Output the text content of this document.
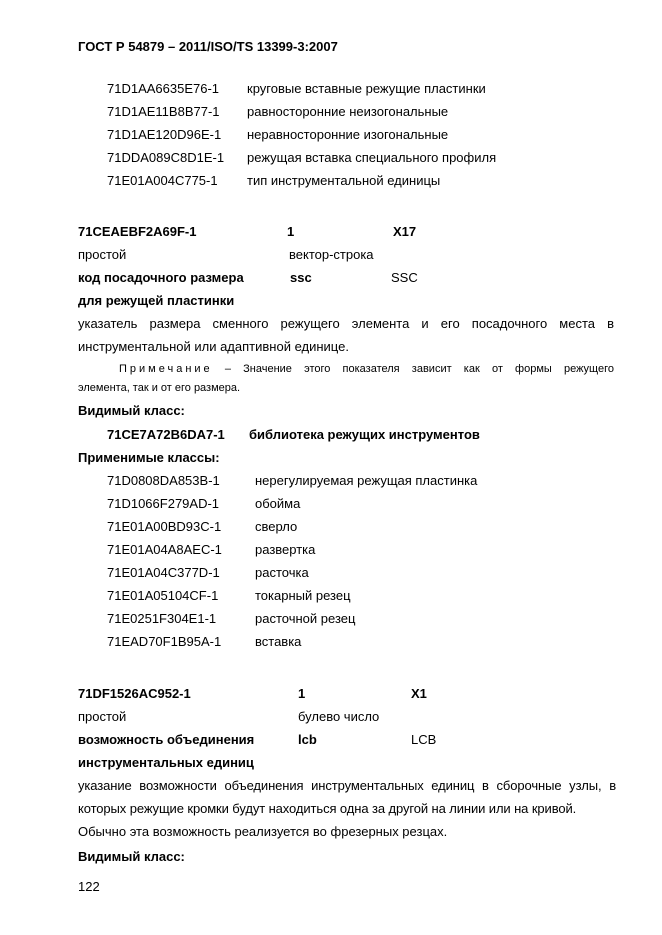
ГОСТ Р 54879 – 2011/ISO/TS 13399-3:2007
71D1AA6635E76-1 круговые вставные режущие пластинки
71D1AE11B8B77-1 равносторонние неизогональные
71D1AE120D96E-1 неравносторонние изогональные
71DDA089C8D1E-1 режущая вставка специального профиля
71E01A004C775-1 тип инструментальной единицы
71CEAEBF2A69F-1	1	X17
простой	вектор-строка
код посадочного размера	ssc	SSC
для режущей пластинки
указатель размера сменного режущего элемента и его посадочного места в
инструментальной или адаптивной единице.
Примечание – Значение этого показателя зависит как от формы режущего
элемента, так и от его размера.
Видимый класс:
71CE7A72B6DA7-1 библиотека режущих инструментов
Применимые классы:
71D0808DA853B-1	нерегулируемая режущая пластинка
71D1066F279AD-1	обойма
71E01A00BD93C-1	сверло
71E01A04A8AEC-1	развертка
71E01A04C377D-1	расточка
71E01A05104CF-1	токарный резец
71E0251F304E1-1	расточной резец
71EAD70F1B95A-1	вставка
71DF1526AC952-1	1	X1
простой	булево число
возможность объединения	lcb	LCB
инструментальных единиц
указание возможности объединения инструментальных единиц в сборочные узлы, в
которых режущие кромки будут находиться одна за другой на линии или на кривой.
Обычно эта возможность реализуется во фрезерных резцах.
Видимый класс:
122
